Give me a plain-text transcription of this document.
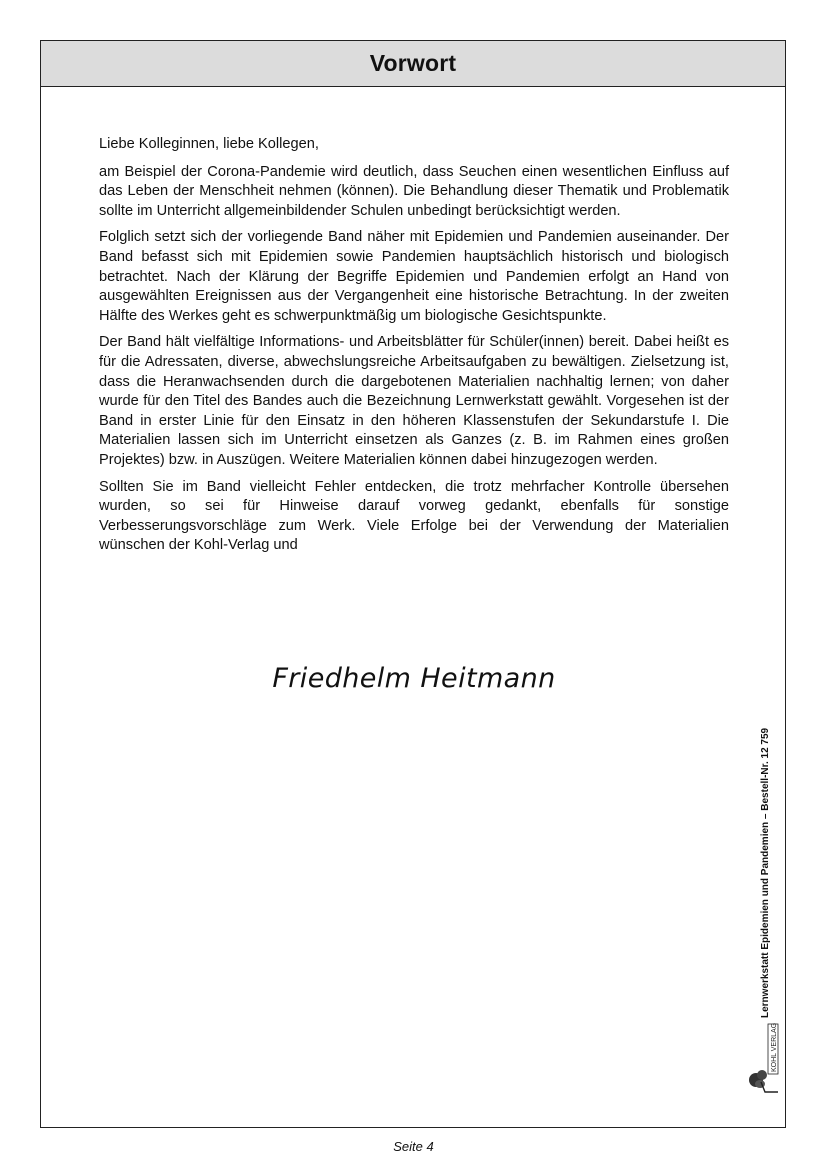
Vorwort

Liebe Kolleginnen, liebe Kollegen,

am Beispiel der Corona-Pandemie wird deutlich, dass Seuchen einen wesentlichen Einfluss auf das Leben der Menschheit nehmen (können). Die Behandlung dieser Thematik und Problematik sollte im Unterricht allgemeinbildender Schulen unbedingt berücksichtigt werden.

Folglich setzt sich der vorliegende Band näher mit Epidemien und Pandemien auseinander. Der Band befasst sich mit Epidemien sowie Pandemien hauptsächlich historisch und biologisch betrachtet. Nach der Klärung der Begriffe Epidemien und Pandemien erfolgt an Hand von ausgewählten Ereignissen aus der Vergangenheit eine historische Betrachtung. In der zweiten Hälfte des Werkes geht es schwerpunktmäßig um biologische Gesichtspunkte.

Der Band hält vielfältige Informations- und Arbeitsblätter für Schüler(innen) bereit. Dabei heißt es für die Adressaten, diverse, abwechslungsreiche Arbeitsaufgaben zu bewältigen. Zielsetzung ist, dass die Heranwachsenden durch die dargebotenen Materialien nachhaltig lernen; von daher wurde für den Titel des Bandes auch die Bezeichnung Lernwerkstatt gewählt. Vorgesehen ist der Band in erster Linie für den Einsatz in den höheren Klassenstufen der Sekundarstufe I. Die Materialien lassen sich im Unterricht einsetzen als Ganzes (z. B. im Rahmen eines großen Projektes) bzw. in Auszügen. Weitere Materialien können dabei hinzugezogen werden.

Sollten Sie im Band vielleicht Fehler entdecken, die trotz mehrfacher Kontrolle übersehen wurden, so sei für Hinweise darauf vorweg gedankt, ebenfalls für sonstige Verbesserungsvorschläge zum Werk. Viele Erfolge bei der Verwendung der Materialien wünschen der Kohl-Verlag und

Friedhelm Heitmann
Lernwerkstatt Epidemien und Pandemien – Bestell-Nr. 12 759
KOHL VERLAG
Seite 4
